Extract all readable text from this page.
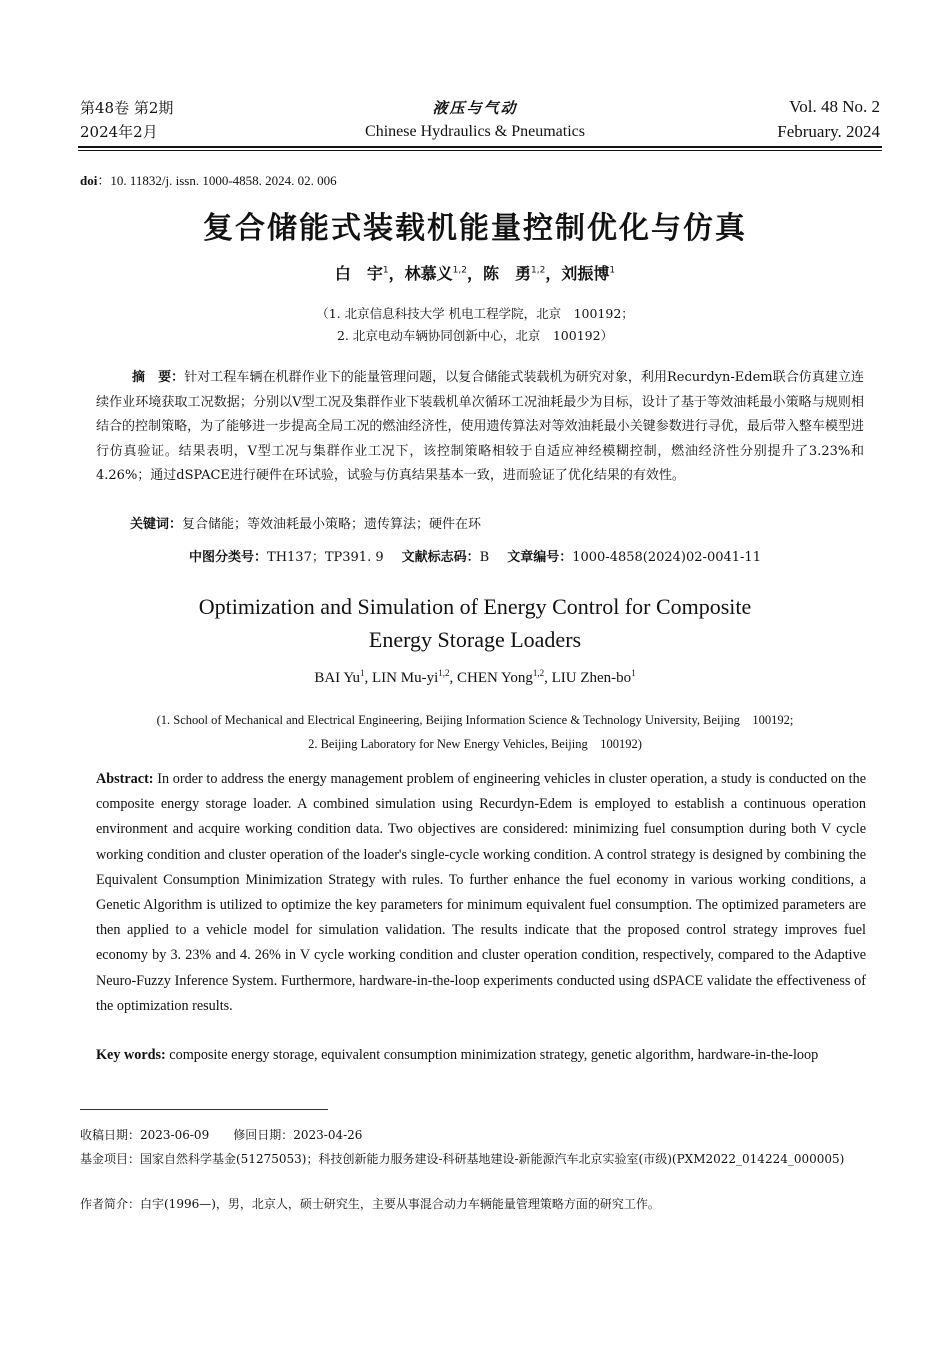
第48卷 第2期
2024年2月
液压与气动
Chinese Hydraulics & Pneumatics
Vol. 48 No. 2
February. 2024
doi：10. 11832/j. issn. 1000-4858. 2024. 02. 006
复合储能式装载机能量控制优化与仿真
白　宇$^1$，林慕义$^{1,2}$，陈　勇$^{1,2}$，刘振博$^1$
（1. 北京信息科技大学 机电工程学院，北京　100192；
2. 北京电动车辆协同创新中心，北京　100192）
摘　要：针对工程车辆在机群作业下的能量管理问题，以复合储能式装载机为研究对象，利用Recurdyn-Edem联合仿真建立连续作业环境获取工况数据；分别以V型工况及集群作业下装载机单次循环工况油耗最少为目标，设计了基于等效油耗最小策略与规则相结合的控制策略，为了能够进一步提高全局工况的燃油经济性，使用遗传算法对等效油耗最小关键参数进行寻优，最后带入整车模型进行仿真验证。结果表明，V型工况与集群作业工况下，该控制策略相较于自适应神经模糊控制，燃油经济性分别提升了3.23%和4.26%；通过dSPACE进行硬件在环试验，试验与仿真结果基本一致，进而验证了优化结果的有效性。
关键词：复合储能；等效油耗最小策略；遗传算法；硬件在环
中图分类号：TH137；TP391. 9 文献标志码：B 文章编号：1000-4858(2024)02-0041-11
Optimization and Simulation of Energy Control for Composite
Energy Storage Loaders
BAI Yu$^1$, LIN Mu-yi$^{1,2}$, CHEN Yong$^{1,2}$, LIU Zhen-$bo^1$
(1. School of Mechanical and Electrical Engineering, Beijing Information Science & Technology University, Beijing　100192;
2. Beijing Laboratory for New Energy Vehicles, Beijing　100192)
Abstract: In order to address the energy management problem of engineering vehicles in cluster operation, a study is conducted on the composite energy storage loader. A combined simulation using Recurdyn-Edem is employed to establish a continuous operation environment and acquire working condition data. Two objectives are considered: minimizing fuel consumption during both V cycle working condition and cluster operation of the loader's single-cycle working condition. A control strategy is designed by combining the Equivalent Consumption Minimization Strategy with rules. To further enhance the fuel economy in various working conditions, a Genetic Algorithm is utilized to optimize the key parameters for minimum equivalent fuel consumption. The optimized parameters are then applied to a vehicle model for simulation validation. The results indicate that the proposed control strategy improves fuel economy by 3. 23% and 4. 26% in V cycle working condition and cluster operation condition, respectively, compared to the Adaptive Neuro-Fuzzy Inference System. Furthermore, hardware-in-the-loop experiments conducted using dSPACE validate the effectiveness of the optimization results.
Key words: composite energy storage, equivalent consumption minimization strategy, genetic algorithm, hardware-in-the-loop
收稿日期：2023-06-09 修回日期：2023-04-26
基金项目：国家自然科学基金(51275053)；科技创新能力服务建设-科研基地建设-新能源汽车北京实验室(市级)(PXM2022_014224_000005)
作者简介：白宇(1996—)，男，北京人，硕士研究生，主要从事混合动力车辆能量管理策略方面的研究工作。
